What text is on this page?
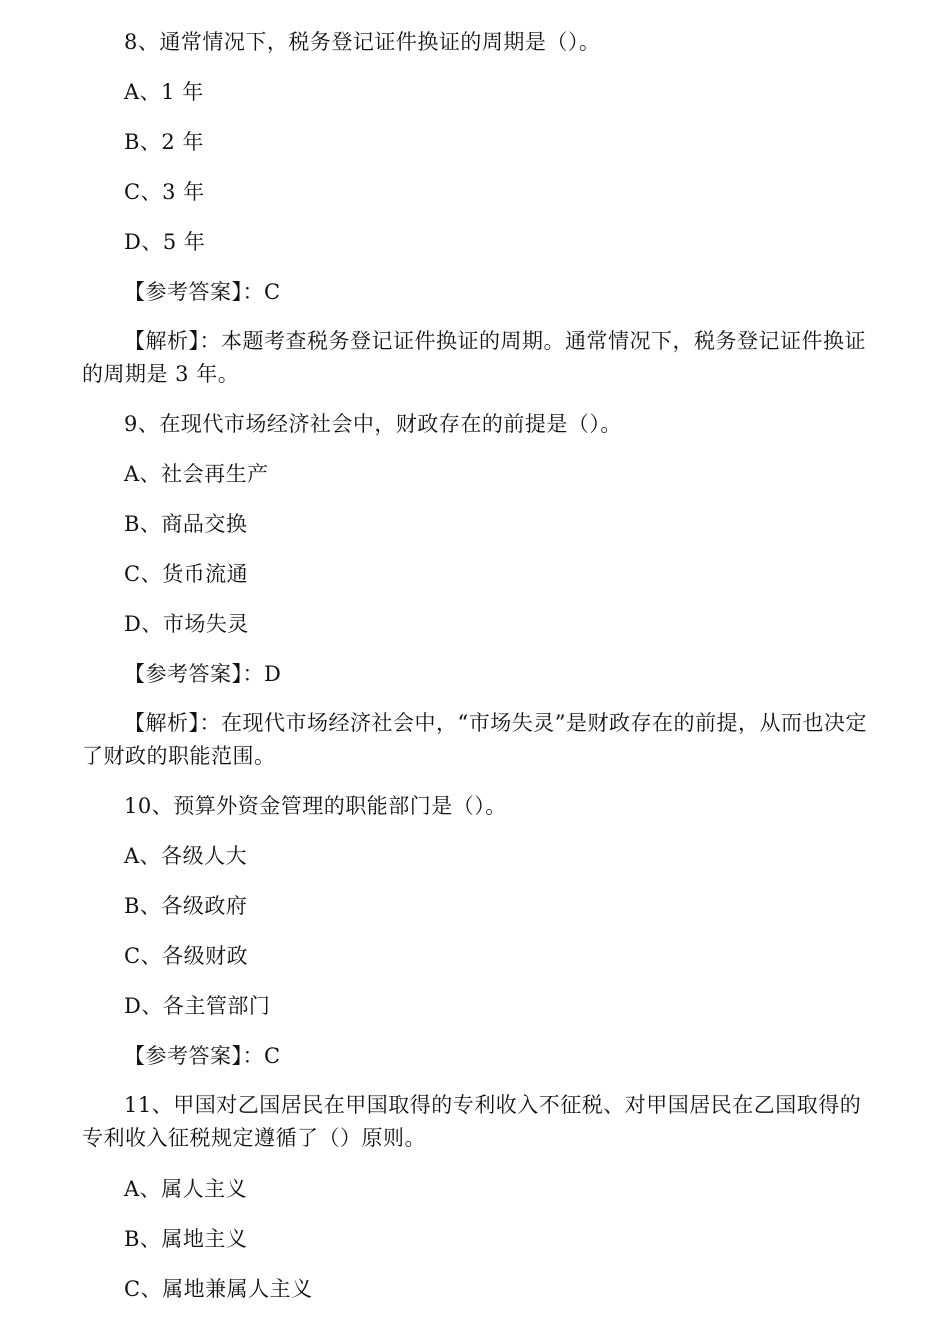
8、通常情况下，税务登记证件换证的周期是（）。
A、1 年
B、2 年
C、3 年
D、5 年
【参考答案】：C
【解析】：本题考查税务登记证件换证的周期。通常情况下，税务登记证件换证的周期是 3 年。
9、在现代市场经济社会中，财政存在的前提是（）。
A、社会再生产
B、商品交换
C、货币流通
D、市场失灵
【参考答案】：D
【解析】：在现代市场经济社会中，“市场失灵”是财政存在的前提，从而也决定了财政的职能范围。
10、预算外资金管理的职能部门是（）。
A、各级人大
B、各级政府
C、各级财政
D、各主管部门
【参考答案】：C
11、甲国对乙国居民在甲国取得的专利收入不征税、对甲国居民在乙国取得的专利收入征税规定遵循了（）原则。
A、属人主义
B、属地主义
C、属地兼属人主义
